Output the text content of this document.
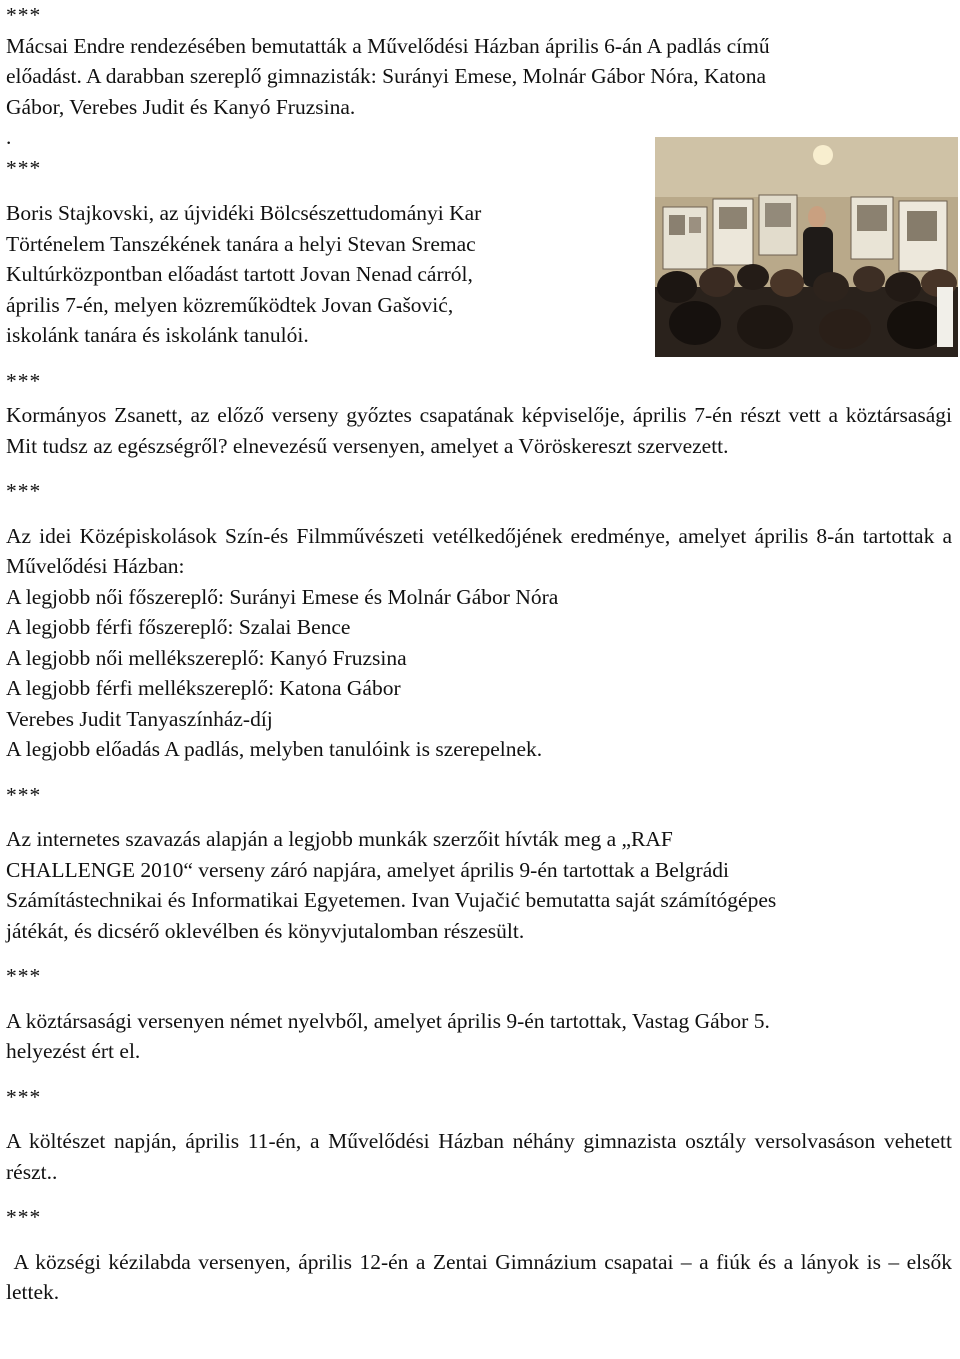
***
Mácsai Endre rendezésében bemutatták a Művelődési Házban április 6-án A padlás című
előadást. A darabban szereplő gimnazisták: Surányi Emese, Molnár Gábor Nóra, Katona
Gábor, Verebes Judit és Kanyó Fruzsina.
.
***
Boris Stajkovski, az újvidéki Bölcsészettudományi Kar
Történelem Tanszékének tanára a helyi Stevan Sremac
Kultúrközpontban előadást tartott Jovan Nenad cárról,
április 7-én, melyen közreműködtek Jovan Gašović,
iskolánk tanára és iskolánk tanulói.
***

Kormányos Zsanett, az előző verseny győztes csapatának képviselője, április 7-én részt vett a köztársasági Mit tudsz az egészségről? elnevezésű versenyen, amelyet a Vöröskereszt szervezett.

***

Az idei Középiskolások Szín-és Filmművészeti vetélkedőjének eredménye, amelyet április 8-án tartottak a Művelődési Házban:

A legjobb női főszereplő: Surányi Emese és Molnár Gábor Nóra
A legjobb férfi főszereplő: Szalai Bence
A legjobb női mellékszereplő: Kanyó Fruzsina
A legjobb férfi mellékszereplő: Katona Gábor
Verebes Judit Tanyaszínház-díj
A legjobb előadás A padlás, melyben tanulóink is szerepelnek.
***
Az internetes szavazás alapján a legjobb munkák szerzőit hívták meg a „RAF
CHALLENGE 2010“ verseny záró napjára, amelyet április 9-én tartottak a Belgrádi
Számítástechnikai és Informatikai Egyetemen. Ivan Vujačić bemutatta saját számítógépes
játékát, és dicsérő oklevélben és könyvjutalomban részesült.
***
A köztársasági versenyen német nyelvből, amelyet április 9-én tartottak, Vastag Gábor 5.
helyezést ért el.
***

A költészet napján, április 11-én, a Művelődési Házban néhány gimnazista osztály versolvasáson vehetett részt..

***

A községi kézilabda versenyen, április 12-én a Zentai Gimnázium csapatai – a fiúk és a lányok is – elsők lettek.
